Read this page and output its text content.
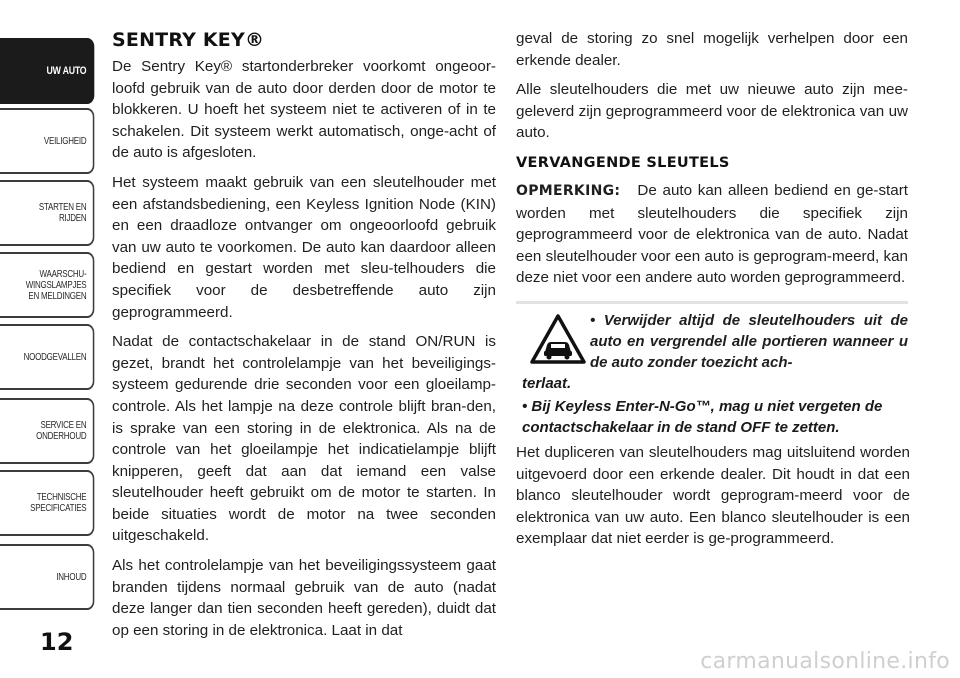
UW AUTO
VEILIGHEID
STARTEN EN
RIJDEN
WAARSCHU-
WINGSLAMPJES
EN MELDINGEN
NOODGEVALLEN
SERVICE EN
ONDERHOUD
TECHNISCHE
SPECIFICATIES
INHOUD
12
SENTRY KEY®

De Sentry Key® startonderbreker voorkomt ongeoor-loofd gebruik van de auto door derden door de motor te blokkeren. U hoeft het systeem niet te activeren of in te schakelen. Dit systeem werkt automatisch, onge-acht of de auto is afgesloten.

Het systeem maakt gebruik van een sleutelhouder met een afstandsbediening, een Keyless Ignition Node (KIN) en een draadloze ontvanger om ongeoorloofd gebruik van uw auto te voorkomen. De auto kan daardoor alleen bediend en gestart worden met sleu-telhouders die specifiek voor de desbetreffende auto zijn geprogrammeerd.

Nadat de contactschakelaar in de stand ON/RUN is gezet, brandt het controlelampje van het beveiligings-systeem gedurende drie seconden voor een gloeilamp-controle. Als het lampje na deze controle blijft bran-den, is sprake van een storing in de elektronica. Als na de controle van het gloeilampje het indicatielampje blijft knipperen, geeft dat aan dat iemand een valse sleutelhouder heeft gebruikt om de motor te starten. In beide situaties wordt de motor na twee seconden uitgeschakeld.

Als het controlelampje van het beveiligingssysteem gaat branden tijdens normaal gebruik van de auto (nadat deze langer dan tien seconden heeft gereden), duidt dat op een storing in de elektronica. Laat in dat

geval de storing zo snel mogelijk verhelpen door een erkende dealer.

Alle sleutelhouders die met uw nieuwe auto zijn mee-geleverd zijn geprogrammeerd voor de elektronica van uw auto.

VERVANGENDE SLEUTELS

OPMERKING: De auto kan alleen bediend en ge-start worden met sleutelhouders die specifiek zijn geprogrammeerd voor de elektronica van de auto. Nadat een sleutelhouder voor een auto is geprogram-meerd, kan deze niet voor een andere auto worden geprogrammeerd.

• Verwijder altijd de sleutelhouders uit de auto en vergrendel alle portieren wanneer u de auto zonder toezicht ach-
terlaat.
• Bij Keyless Enter-N-Go™, mag u niet vergeten de contactschakelaar in de stand OFF te zetten.

Het dupliceren van sleutelhouders mag uitsluitend worden uitgevoerd door een erkende dealer. Dit houdt in dat een blanco sleutelhouder wordt geprogram-meerd voor de elektronica van uw auto. Een blanco sleutelhouder is een exemplaar dat niet eerder is ge-programmeerd.

carmanualsonline.info
